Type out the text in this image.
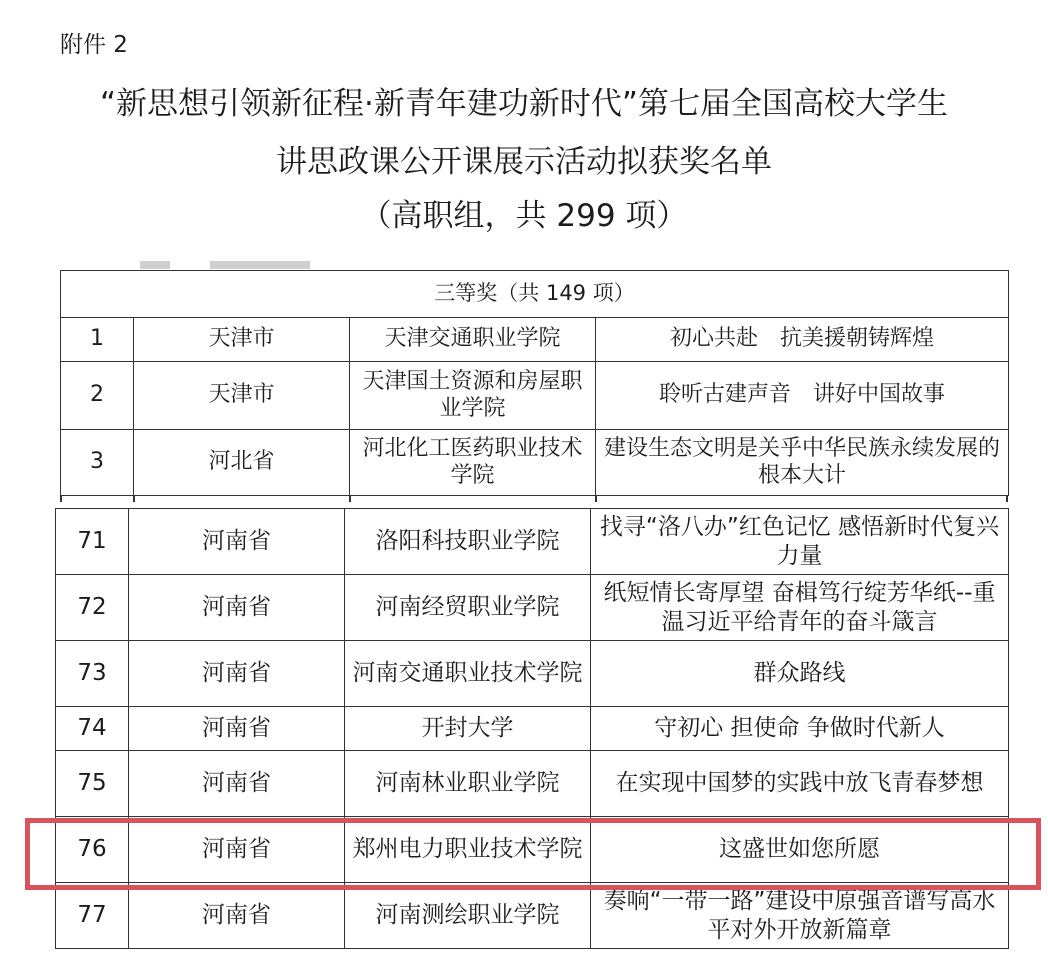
附件 2
“新思想引领新征程·新青年建功新时代”第七届全国高校大学生
讲思政课公开课展示活动拟获奖名单
（高职组，共 299 项）
三等奖（共 149 项）			
1	天津市	天津交通职业学院	初心共赴　抗美援朝铸辉煌
2	天津市	天津国土资源和房屋职业学院	聆听古建声音　讲好中国故事
3	河北省	河北化工医药职业技术学院	建设生态文明是关乎中华民族永续发展的根本大计
71	河南省	洛阳科技职业学院	找寻“洛八办”红色记忆 感悟新时代复兴力量
72	河南省	河南经贸职业学院	纸短情长寄厚望 奋楫笃行绽芳华纸--重温习近平给青年的奋斗箴言
73	河南省	河南交通职业技术学院	群众路线
74	河南省	开封大学	守初心 担使命 争做时代新人
75	河南省	河南林业职业学院	在实现中国梦的实践中放飞青春梦想
76	河南省	郑州电力职业技术学院	这盛世如您所愿
77	河南省	河南测绘职业学院	奏响“一带一路”建设中原强音谱写高水平对外开放新篇章
